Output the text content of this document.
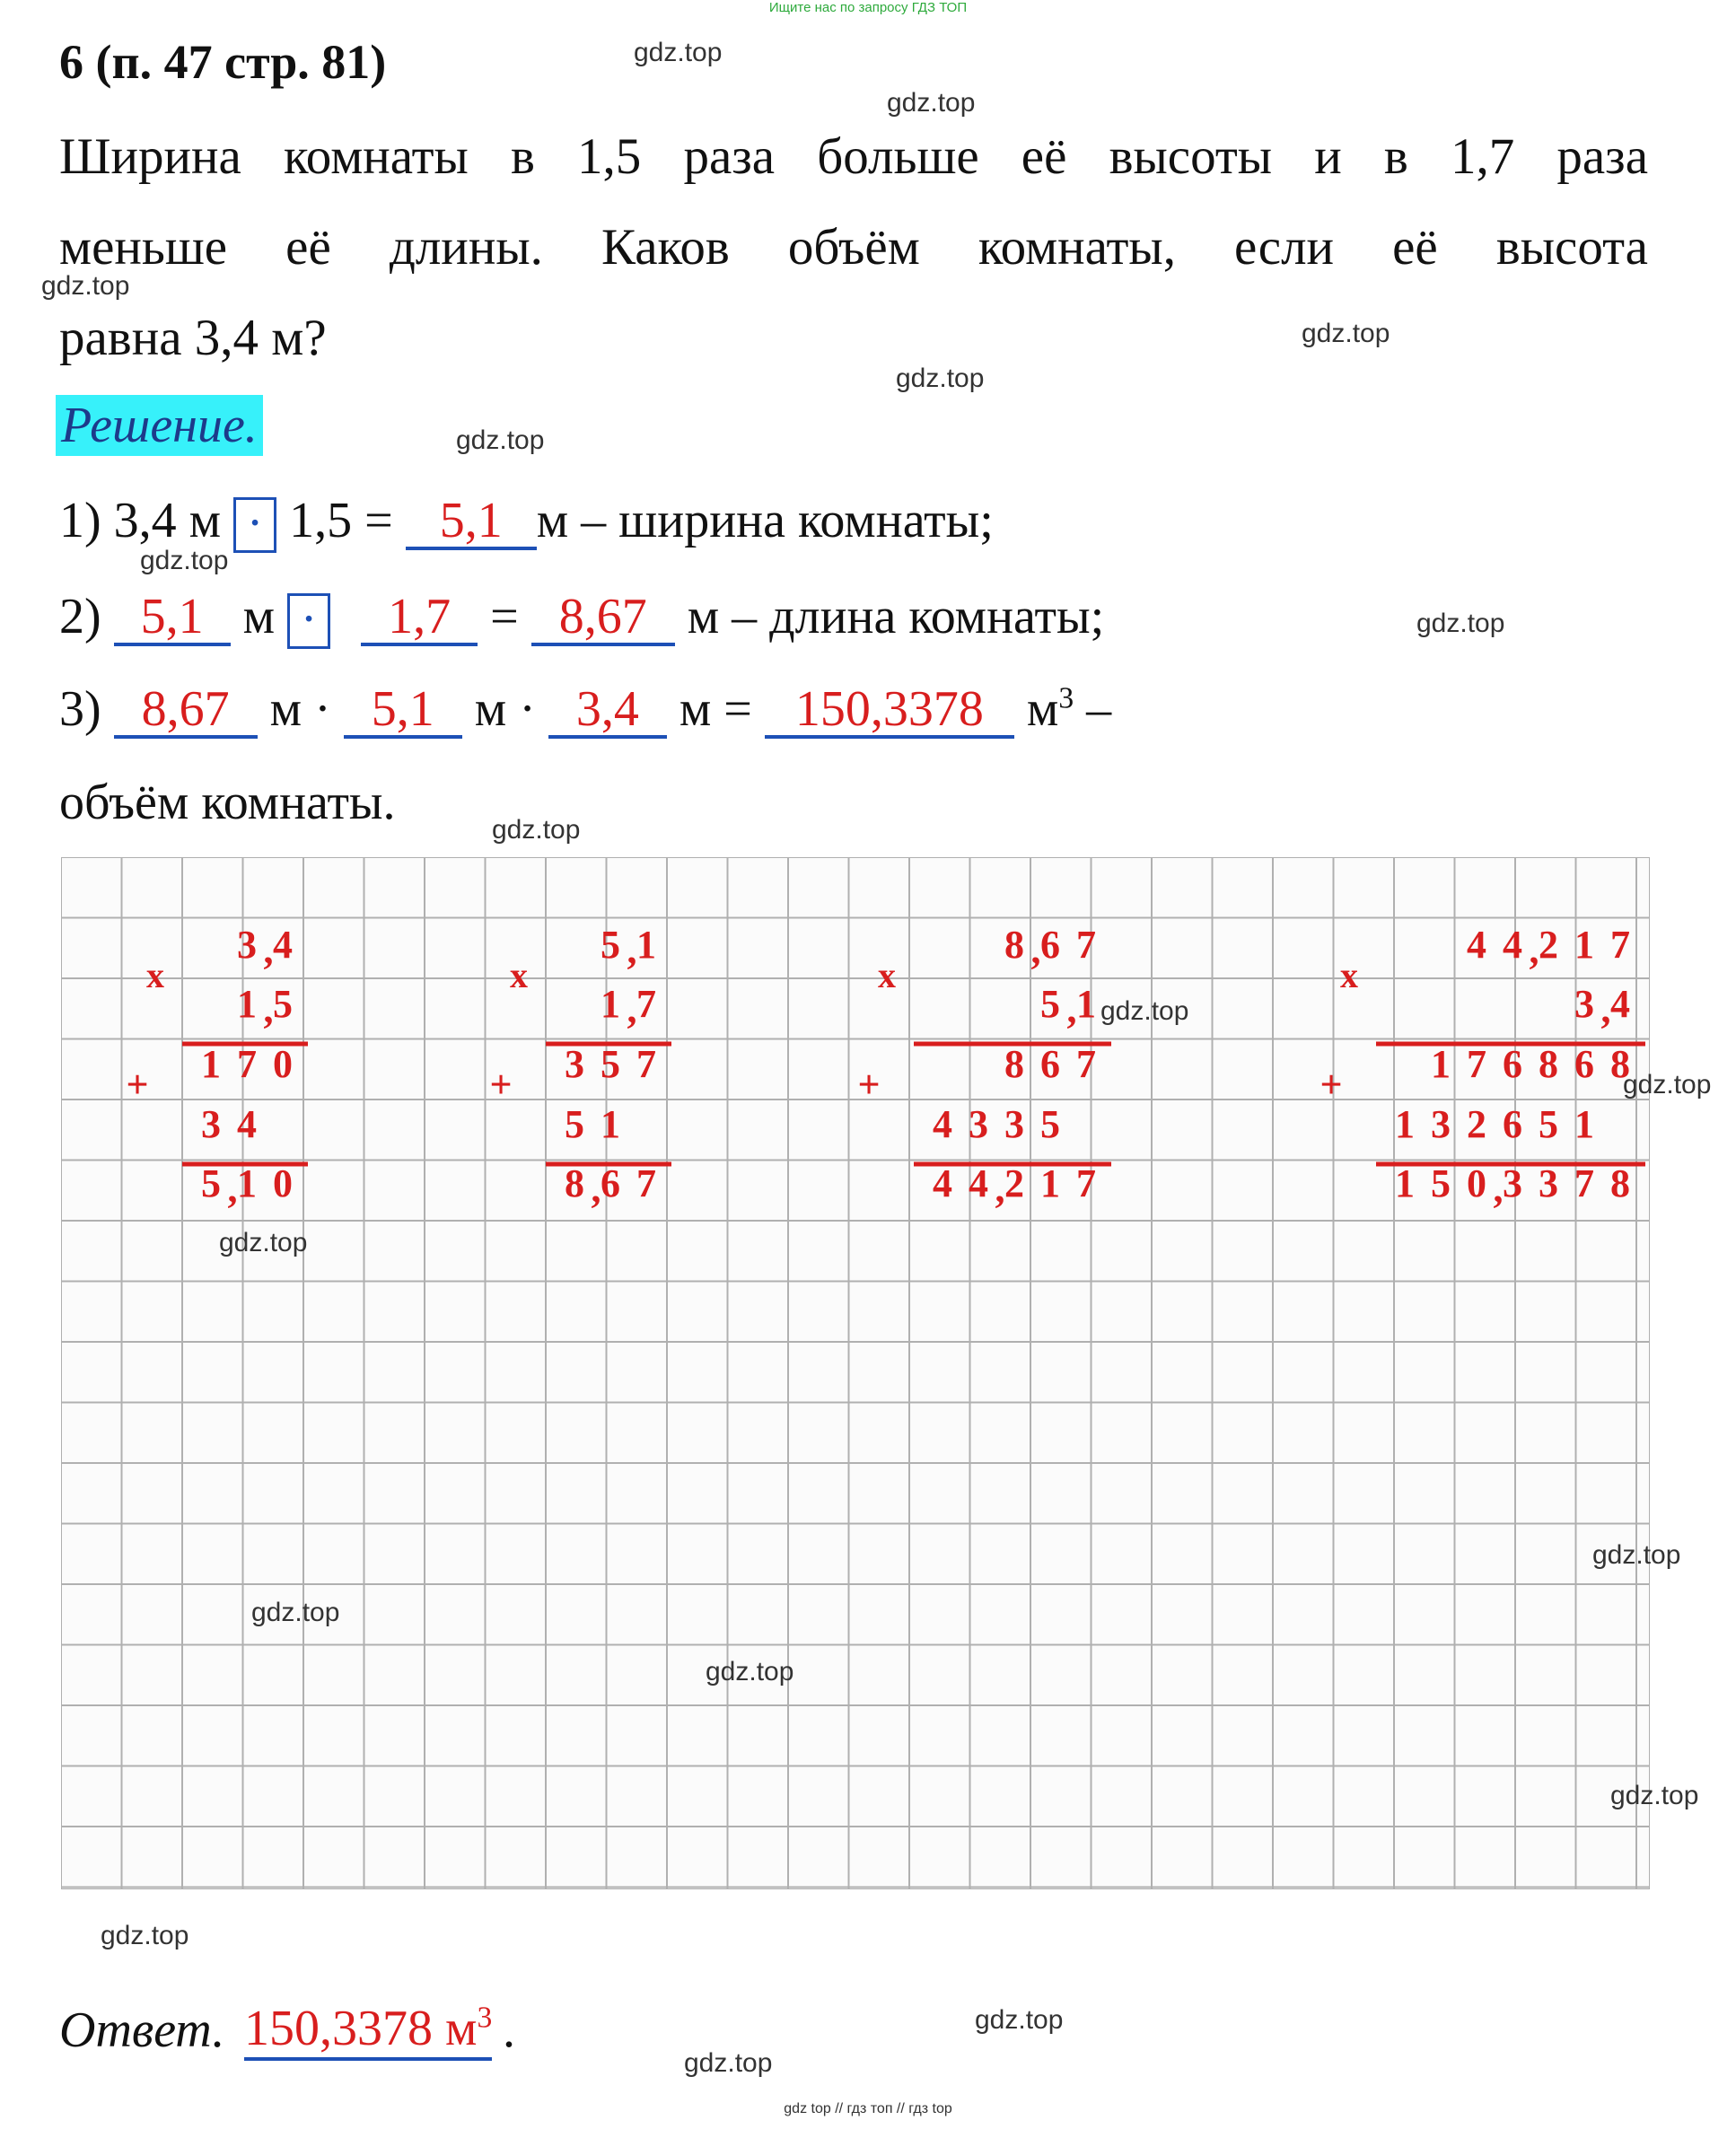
Ищите нас по запросу ГДЗ ТОП
6 (п. 47 стр. 81)
Ширина комнаты в 1,5 раза больше её высоты и в 1,7 раза
меньше её длины. Каков объём комнаты, если её высота
равна 3,4 м?
Решение.
1) 3,4 м · 1,5 = 5,1 м – ширина комнаты;
2) 5,1 м · 1,7 = 8,67 м – длина комнаты;
3) 8,67 м · 5,1 м · 3,4 м = 150,3378 $м^3$ –
объём комнаты.
4
,
3
5
,
1
0
7
1
4
3
0
1
,
5
x
+
1
,
5
7
,
1
7
5
3
1
5
7
6
,
8
x
+
7
6
,
8
1
,
5
7
6
8
5
3
3
4
7
1
2
,
4
4
x
+
7
1
2
,
4
4
4
,
3
8
6
8
6
7
1
1
5
6
2
3
1
8
7
3
3
,
0
5
1
x
+
Ответ. 150,3378 $м^3$ .
gdz.top
gdz.top
gdz.top
gdz.top
gdz.top
gdz.top
gdz.top
gdz.top
gdz.top
gdz.top
gdz.top
gdz.top
gdz.top
gdz.top
gdz.top
gdz.top
gdz.top
gdz.top
gdz.top
gdz top // гдз топ // гдз top
